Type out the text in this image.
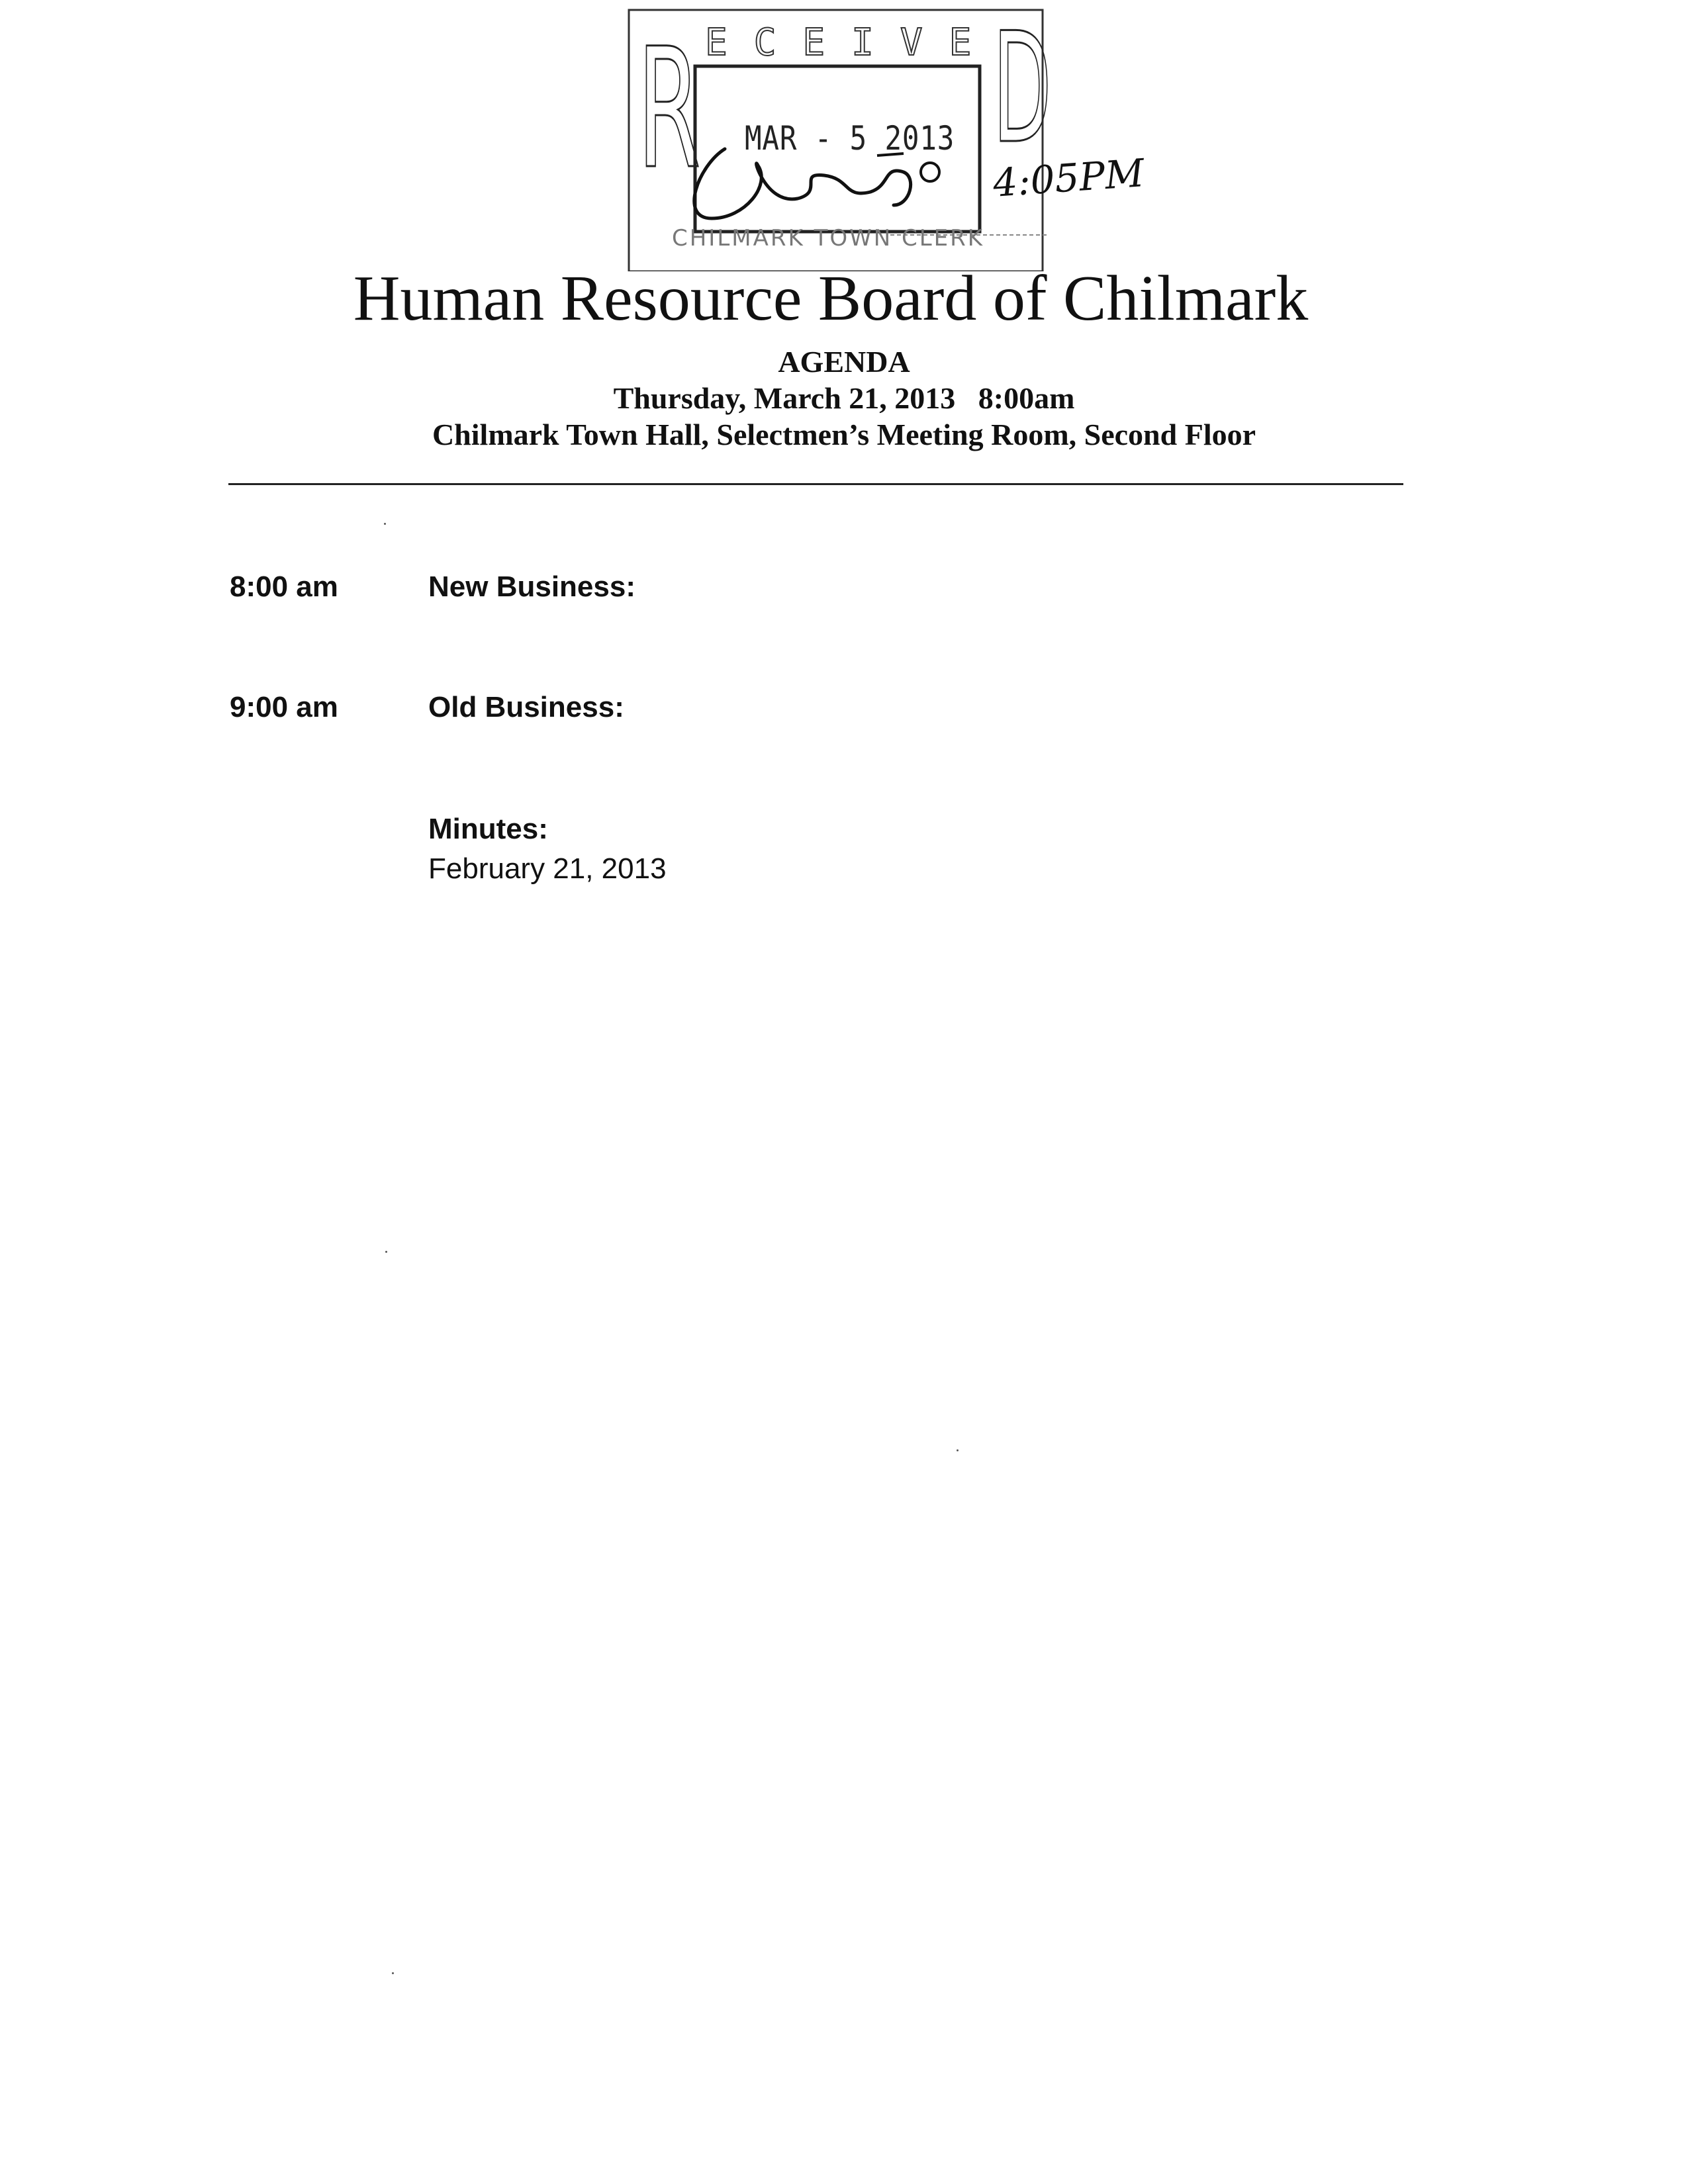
R ECEIVE
D
MAR - 5 2013
CHILMARK TOWN CLERK
4:05PM
Human Resource Board of Chilmark
AGENDA
Thursday, March 21, 2013   8:00am
Chilmark Town Hall, Selectmen’s Meeting Room, Second Floor
8:00 am	New Business:
9:00 am	Old Business:
Minutes:
February 21, 2013
